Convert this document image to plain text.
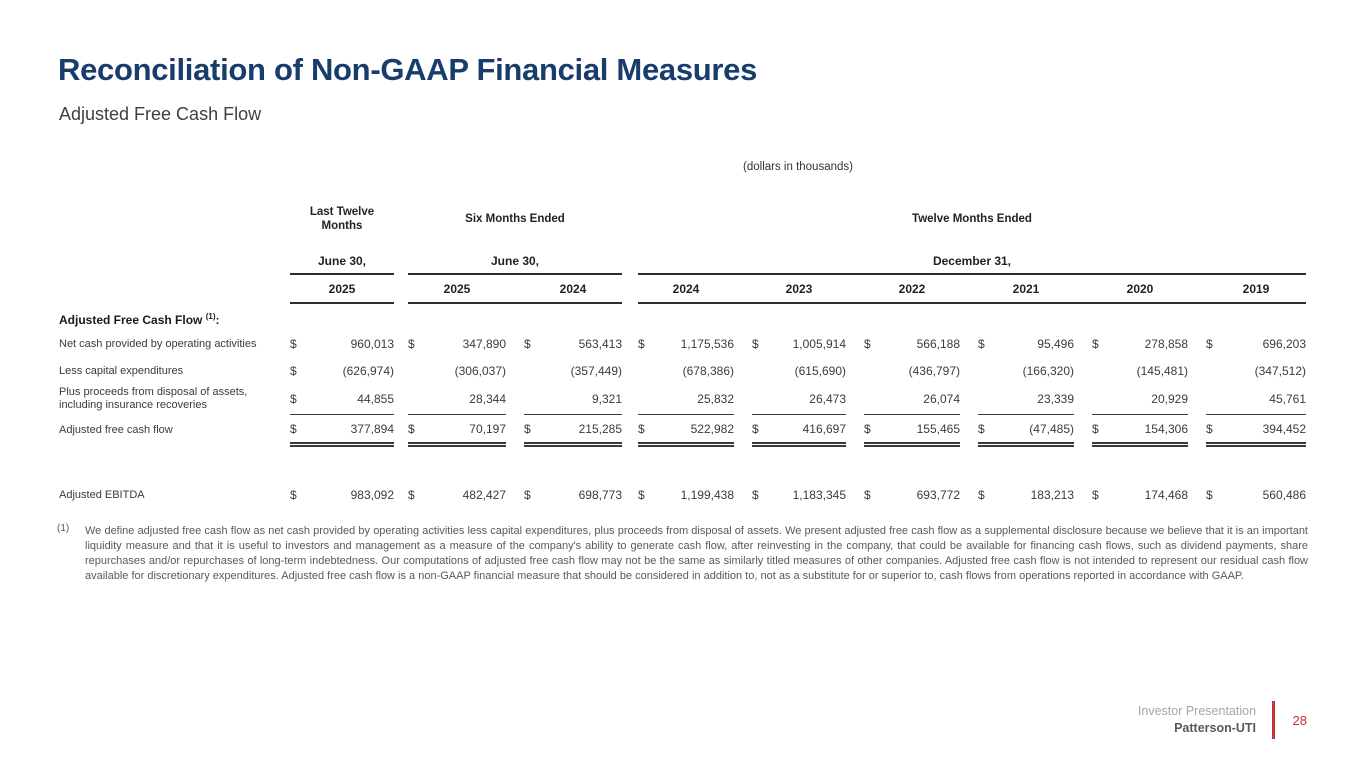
Reconciliation of Non-GAAP Financial Measures
Adjusted Free Cash Flow
(dollars in thousands)
	Last Twelve Months		Six Months Ended				Twelve Months Ended										
	June 30,		June 30,				December 31,										
	2025		2025		2024		2024		2023		2022		2021		2020		2019
Adjusted Free Cash Flow $^{(1)}$:																	
Net cash provided by operating activities	$ 960,013		$ 347,890		$ 563,413		$ 1,175,536		$ 1,005,914		$ 566,188		$ 95,496		$ 278,858		$ 696,203

Less capital expenditures	$ (626,974)		(306,037)		(357,449)		(678,386)		(615,690)		(436,797)		(166,320)		(145,481)		(347,512)

Plus proceeds from disposal of assets,
including insurance recoveries	$ 44,855		28,344		9,321		25,832		26,473		26,074		23,339		20,929		45,761

Adjusted free cash flow	$ 377,894		$ 70,197		$ 215,285		$ 522,982		$ 416,697		$ 155,465		$ (47,485)		$ 154,306		$ 394,452

Adjusted EBITDA	$ 983,092		$ 482,427		$ 698,773		$ 1,199,438		$ 1,183,345		$ 693,772		$ 183,213		$ 174,468		$ 560,486
(1)	We define adjusted free cash flow as net cash provided by operating activities less capital expenditures, plus proceeds from disposal of assets. We present adjusted free cash flow as a supplemental disclosure because we believe that it is an important liquidity measure and that it is useful to investors and management as a measure of the company's ability to generate cash flow, after reinvesting in the company, that could be available for financing cash flows, such as dividend payments, share repurchases and/or repurchases of long-term indebtedness. Our computations of adjusted free cash flow may not be the same as similarly titled measures of other companies. Adjusted free cash flow is not intended to represent our residual cash flow available for discretionary expenditures. Adjusted free cash flow is a non-GAAP financial measure that should be considered in addition to, not as a substitute for or superior to, cash flows from operations reported in accordance with GAAP.
Investor Presentation
Patterson-UTI
28
